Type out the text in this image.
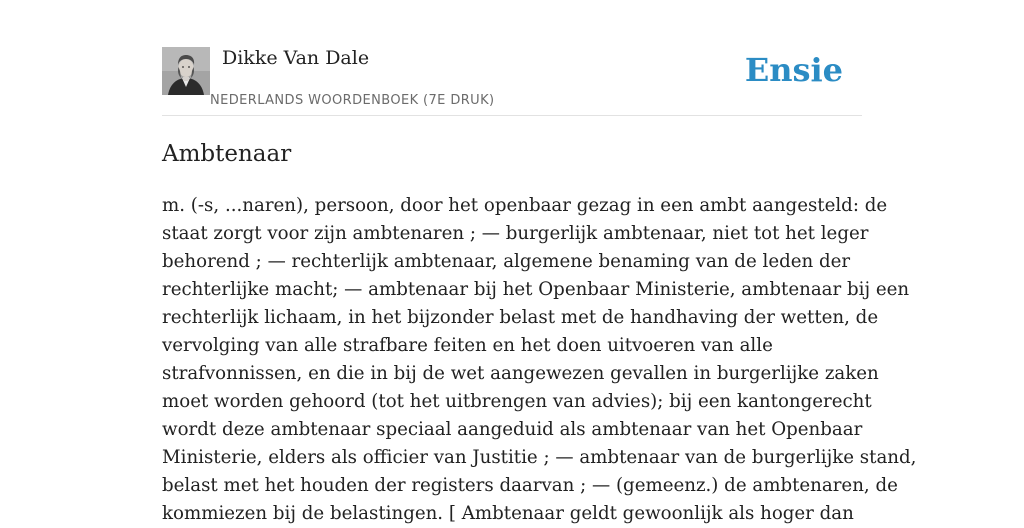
Dikke Van Dale
NEDERLANDS WOORDENBOEK (7E DRUK)
Ensie
Ambtenaar

m. (-s, ...naren), persoon, door het openbaar gezag in een ambt aangesteld: de
staat zorgt voor zijn ambtenaren ; — burgerlijk ambtenaar, niet tot het leger
behorend ; — rechterlijk ambtenaar, algemene benaming van de leden der
rechterlijke macht; — ambtenaar bij het Openbaar Ministerie, ambtenaar bij een
rechterlijk lichaam, in het bijzonder belast met de handhaving der wetten, de
vervolging van alle strafbare feiten en het doen uitvoeren van alle
strafvonnissen, en die in bij de wet aangewezen gevallen in burgerlijke zaken
moet worden gehoord (tot het uitbrengen van advies); bij een kantongerecht
wordt deze ambtenaar speciaal aangeduid als ambtenaar van het Openbaar
Ministerie, elders als officier van Justitie ; — ambtenaar van de burgerlijke stand,
belast met het houden der registers daarvan ; — (gemeenz.) de ambtenaren, de
kommiezen bij de belastingen. [ Ambtenaar geldt gewoonlijk als hoger dan
